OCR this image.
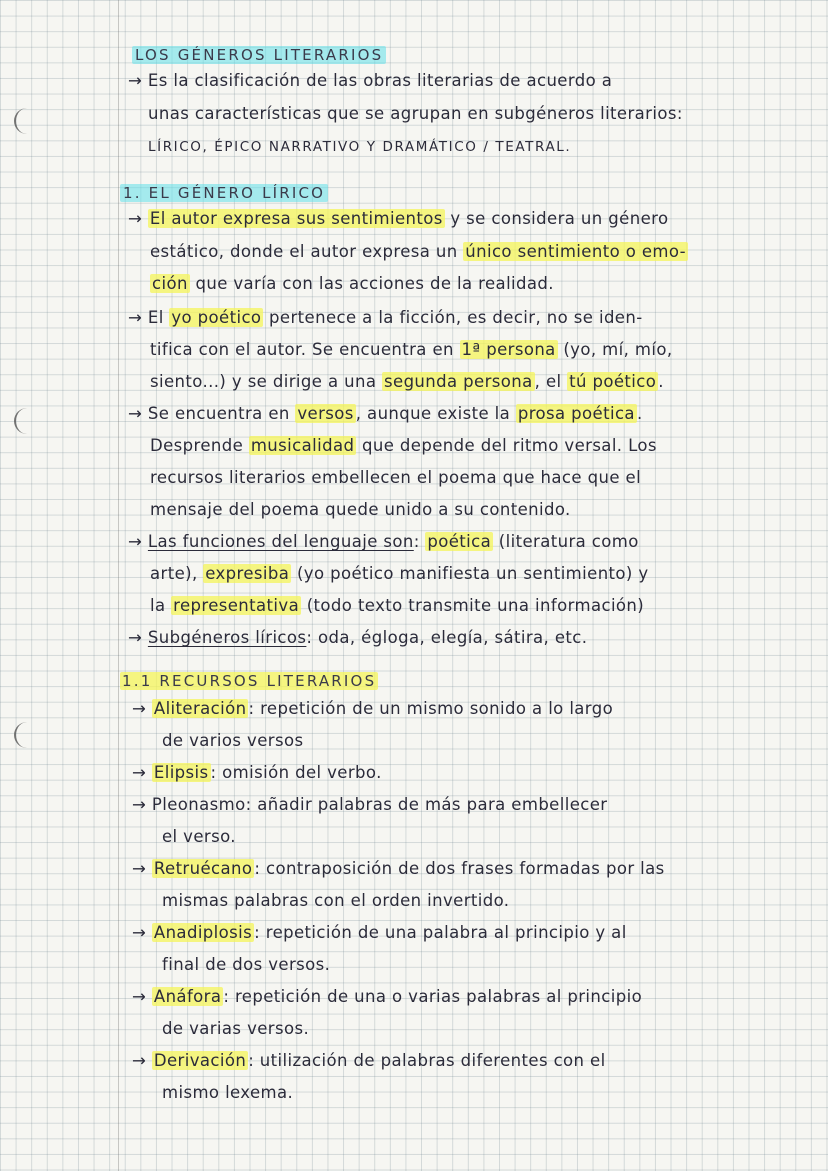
LOS GÉNEROS LITERARIOS
→ Es la clasificación de las obras literarias de acuerdo a
unas características que se agrupan en subgéneros literarios:
LÍRICO, ÉPICO NARRATIVO Y DRAMÁTICO / TEATRAL.
1. EL GÉNERO LÍRICO
→ El autor expresa sus sentimientos y se considera un género
estático, donde el autor expresa un único sentimiento o emo-
ción que varía con las acciones de la realidad.
→ El yo poético pertenece a la ficción, es decir, no se iden-
tifica con el autor. Se encuentra en 1ª persona (yo, mí, mío,
siento...) y se dirige a una segunda persona , el tú poético .
→ Se encuentra en versos , aunque existe la prosa poética .
Desprende musicalidad que depende del ritmo versal. Los
recursos literarios embellecen el poema que hace que el
mensaje del poema quede unido a su contenido.
→ Las funciones del lenguaje son: poética (literatura como
arte), expresiba (yo poético manifiesta un sentimiento) y
la representativa (todo texto transmite una información)
→ Subgéneros líricos: oda, égloga, elegía, sátira, etc.
1.1 RECURSOS LITERARIOS
→ Aliteración : repetición de un mismo sonido a lo largo
de varios versos
→ Elipsis : omisión del verbo.
→ Pleonasmo: añadir palabras de más para embellecer
el verso.
→ Retruécano : contraposición de dos frases formadas por las
mismas palabras con el orden invertido.
→ Anadiplosis : repetición de una palabra al principio y al
final de dos versos.
→ Anáfora : repetición de una o varias palabras al principio
de varias versos.
→ Derivación : utilización de palabras diferentes con el
mismo lexema.
